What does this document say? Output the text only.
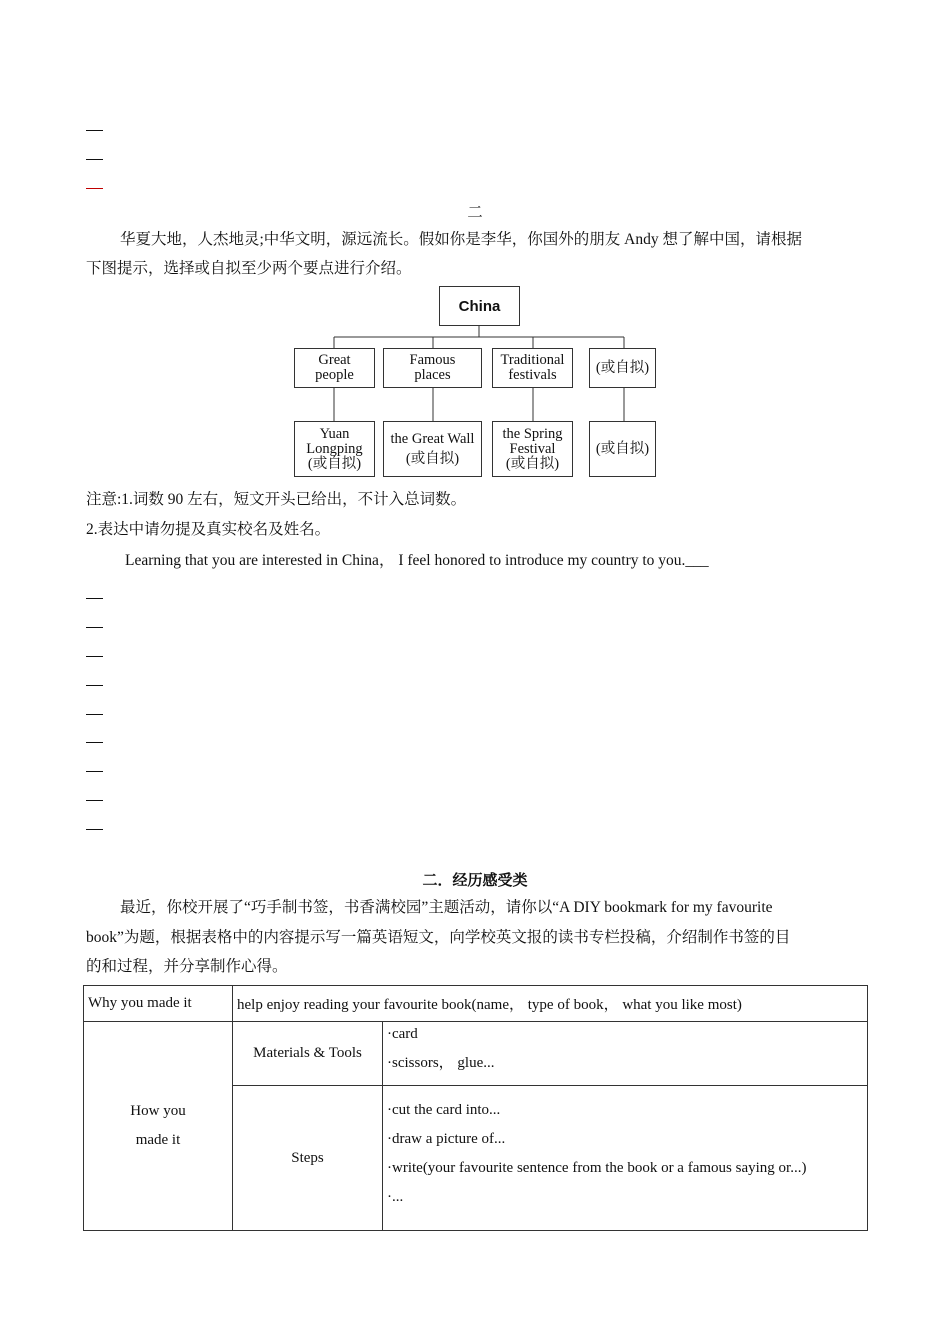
二
华夏大地，人杰地灵;中华文明，源远流长。假如你是李华，你国外的朋友 Andy 想了解中国，请根据
下图提示，选择或自拟至少两个要点进行介绍。
China
Great
people
Famous
places
Traditional
festivals	(或自拟)
Yuan
Longping
(或自拟)
the Great Wall
(或自拟)
the Spring
Festival
(或自拟)
(或自拟)
注意:1.词数 90 左右，短文开头已给出，不计入总词数。
2.表达中请勿提及真实校名及姓名。
Learning that you are interested in China， I feel honored to introduce my country to you.___
二．经历感受类
最近，你校开展了“巧手制书签，书香满校园”主题活动，请你以“A DIY bookmark for my favourite
book”为题，根据表格中的内容提示写一篇英语短文，向学校英文报的读书专栏投稿，介绍制作书签的目
的和过程，并分享制作心得。
Why you made it	help enjoy reading your favourite book(name， type of book， what you like most)	

How you
made it	Materials & Tools	·card
·scissors， glue...

	Steps	·cut the card into...
·draw a picture of...
·write(your favourite sentence from the book or a famous saying or...)
·...
